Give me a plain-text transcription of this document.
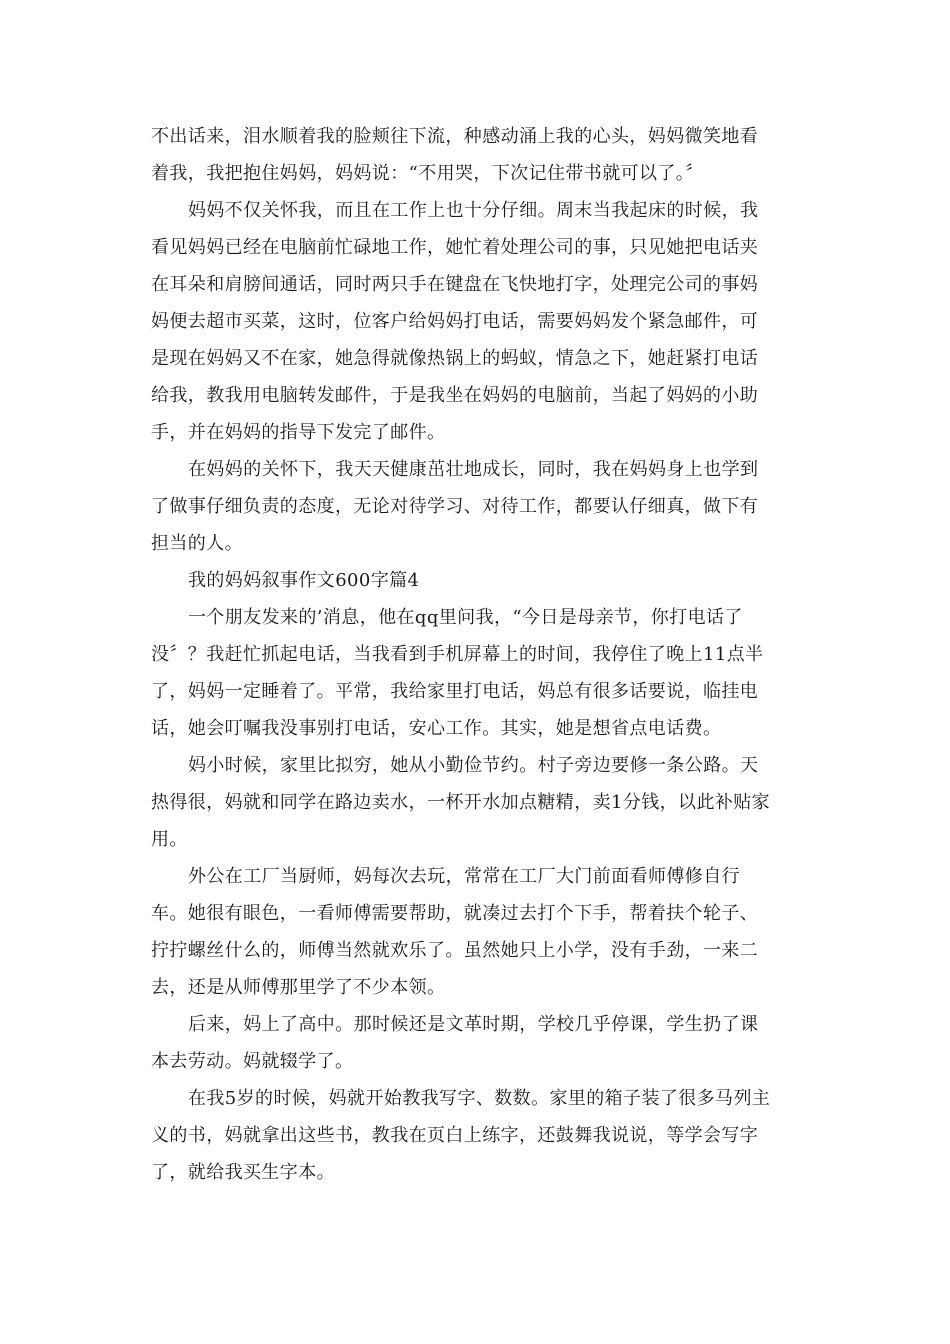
不出话来，泪水顺着我的脸颊往下流，种感动涌上我的心头，妈妈微笑地看
着我，我把抱住妈妈，妈妈说：“不用哭，下次记住带书就可以了。〞
妈妈不仅关怀我，而且在工作上也十分仔细。周末当我起床的时候，我
看见妈妈已经在电脑前忙碌地工作，她忙着处理公司的事，只见她把电话夹
在耳朵和肩膀间通话，同时两只手在键盘在飞快地打字，处理完公司的事妈
妈便去超市买菜，这时，位客户给妈妈打电话，需要妈妈发个紧急邮件，可
是现在妈妈又不在家，她急得就像热锅上的蚂蚁，情急之下，她赶紧打电话
给我，教我用电脑转发邮件，于是我坐在妈妈的电脑前，当起了妈妈的小助
手，并在妈妈的指导下发完了邮件。
在妈妈的关怀下，我天天健康茁壮地成长，同时，我在妈妈身上也学到
了做事仔细负责的态度，无论对待学习、对待工作，都要认仔细真，做下有
担当的人。
我的妈妈叙事作文600字篇4
一个朋友发来的’消息，他在qq里问我，“今日是母亲节，你打电话了
没〞？我赶忙抓起电话，当我看到手机屏幕上的时间，我停住了晚上11点半
了，妈妈一定睡着了。平常，我给家里打电话，妈总有很多话要说，临挂电
话，她会叮嘱我没事别打电话，安心工作。其实，她是想省点电话费。
妈小时候，家里比拟穷，她从小勤俭节约。村子旁边要修一条公路。天
热得很，妈就和同学在路边卖水，一杯开水加点糖精，卖1分钱，以此补贴家
用。
外公在工厂当厨师，妈每次去玩，常常在工厂大门前面看师傅修自行
车。她很有眼色，一看师傅需要帮助，就凑过去打个下手，帮着扶个轮子、
拧拧螺丝什么的，师傅当然就欢乐了。虽然她只上小学，没有手劲，一来二
去，还是从师傅那里学了不少本领。
后来，妈上了高中。那时候还是文革时期，学校几乎停课，学生扔了课
本去劳动。妈就辍学了。
在我5岁的时候，妈就开始教我写字、数数。家里的箱子装了很多马列主
义的书，妈就拿出这些书，教我在页白上练字，还鼓舞我说说，等学会写字
了，就给我买生字本。
